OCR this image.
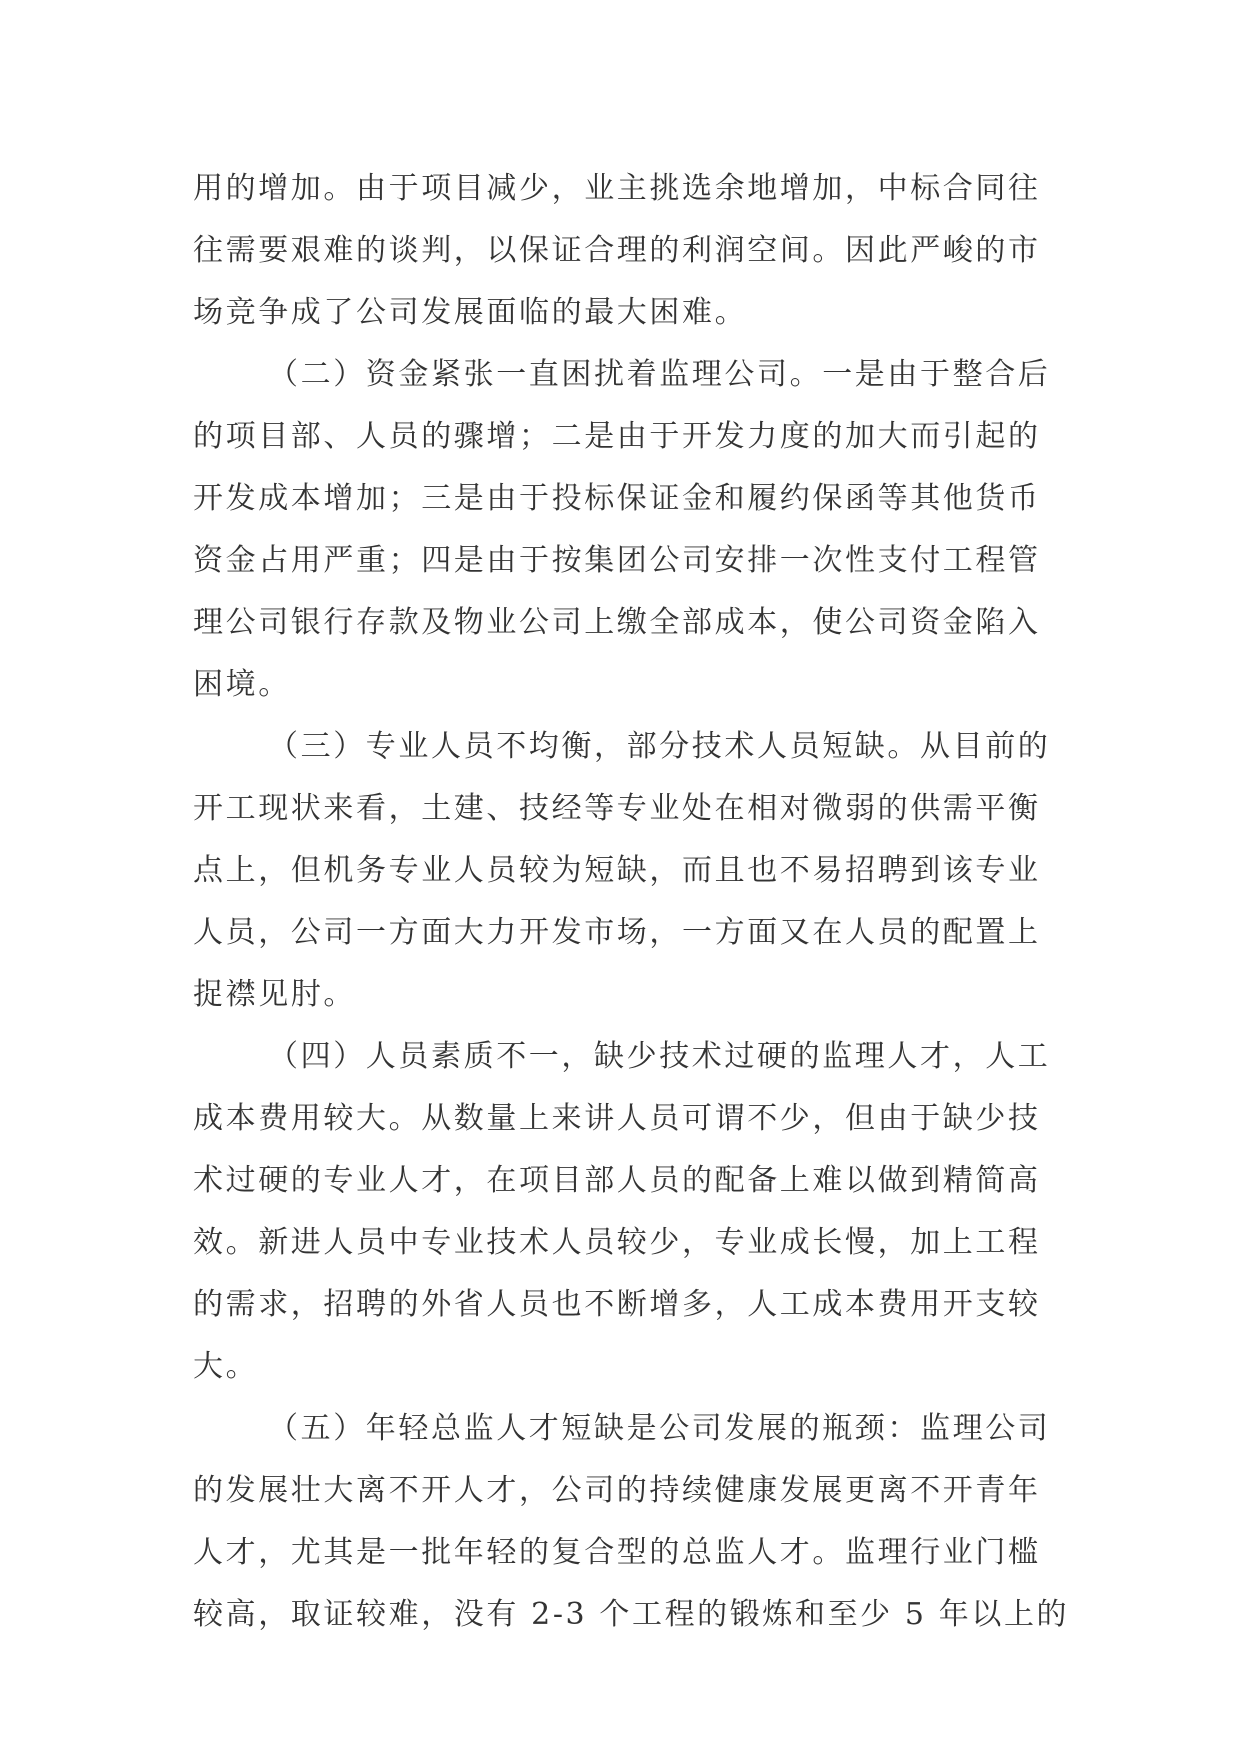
用的增加。由于项目减少，业主挑选余地增加，中标合同往
往需要艰难的谈判，以保证合理的利润空间。因此严峻的市
场竞争成了公司发展面临的最大困难。
（二）资金紧张一直困扰着监理公司。一是由于整合后
的项目部、人员的骤增；二是由于开发力度的加大而引起的
开发成本增加；三是由于投标保证金和履约保函等其他货币
资金占用严重；四是由于按集团公司安排一次性支付工程管
理公司银行存款及物业公司上缴全部成本，使公司资金陷入
困境。
（三）专业人员不均衡，部分技术人员短缺。从目前的
开工现状来看，土建、技经等专业处在相对微弱的供需平衡
点上，但机务专业人员较为短缺，而且也不易招聘到该专业
人员，公司一方面大力开发市场，一方面又在人员的配置上
捉襟见肘。
（四）人员素质不一，缺少技术过硬的监理人才，人工
成本费用较大。从数量上来讲人员可谓不少，但由于缺少技
术过硬的专业人才，在项目部人员的配备上难以做到精简高
效。新进人员中专业技术人员较少，专业成长慢，加上工程
的需求，招聘的外省人员也不断增多，人工成本费用开支较
大。
（五）年轻总监人才短缺是公司发展的瓶颈：监理公司
的发展壮大离不开人才，公司的持续健康发展更离不开青年
人才，尤其是一批年轻的复合型的总监人才。监理行业门槛
较高，取证较难，没有 2-3 个工程的锻炼和至少 5 年以上的
